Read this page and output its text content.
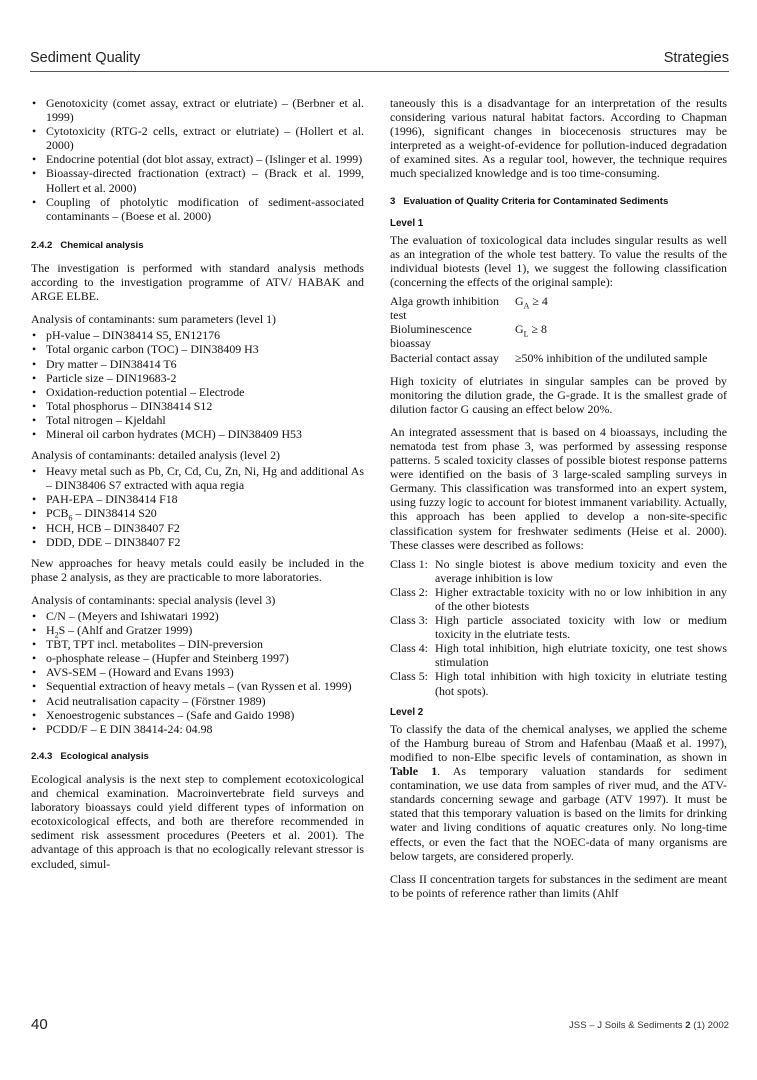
Sediment Quality	Strategies
• Genotoxicity (comet assay, extract or elutriate) – (Berbner et al. 1999)
• Cytotoxicity (RTG-2 cells, extract or elutriate) – (Hollert et al. 2000)
• Endocrine potential (dot blot assay, extract) – (Islinger et al. 1999)
• Bioassay-directed fractionation (extract) – (Brack et al. 1999, Hollert et al. 2000)
• Coupling of photolytic modification of sediment-associated contaminants – (Boese et al. 2000)
2.4.2 Chemical analysis

The investigation is performed with standard analysis methods according to the investigation programme of ATV/ HABAK and ARGE ELBE.

Analysis of contaminants: sum parameters (level 1)
• pH-value – DIN38414 S5, EN12176
• Total organic carbon (TOC) – DIN38409 H3
• Dry matter – DIN38414 T6
• Particle size – DIN19683-2
• Oxidation-reduction potential – Electrode
• Total phosphorus – DIN38414 S12
• Total nitrogen – Kjeldahl
• Mineral oil carbon hydrates (MCH) – DIN38409 H53
Analysis of contaminants: detailed analysis (level 2)
• Heavy metal such as Pb, Cr, Cd, Cu, Zn, Ni, Hg and additional As – DIN38406 S7 extracted with aqua regia
• PAH-EPA – DIN38414 F18
• $PCB_6 - DIN38414$ S20
• HCH, HCB – DIN38407 F2
• DDD, DDE – DIN38407 F2

New approaches for heavy metals could easily be included in the phase 2 analysis, as they are practicable to more laboratories.

Analysis of contaminants: special analysis (level 3)
• C/N – (Meyers and Ishiwatari 1992)
• $H_2S$ – (Ahlf and Gratzer 1999)
• TBT, TPT incl. metabolites – DIN-preversion
• o-phosphate release – (Hupfer and Steinberg 1997)
• AVS-SEM – (Howard and Evans 1993)
• Sequential extraction of heavy metals – (van Ryssen et al. 1999)
• Acid neutralisation capacity – (Förstner 1989)
• Xenoestrogenic substances – (Safe and Gaido 1998)
• PCDD/F – E DIN 38414-24: 04.98
2.4.3 Ecological analysis

Ecological analysis is the next step to complement ecotoxicological and chemical examination. Macroinvertebrate field surveys and laboratory bioassays could yield different types of information on ecotoxicological effects, and both are therefore recommended in sediment risk assessment procedures (Peeters et al. 2001). The advantage of this approach is that no ecologically relevant stressor is excluded, simul-

taneously this is a disadvantage for an interpretation of the results considering various natural habitat factors. According to Chapman (1996), significant changes in biocecenosis structures may be interpreted as a weight-of-evidence for pollution-induced degradation of examined sites. As a regular tool, however, the technique requires much specialized knowledge and is too time-consuming.

3 Evaluation of Quality Criteria for Contaminated Sediments
Level 1

The evaluation of toxicological data includes singular results as well as an integration of the whole test battery. To value the results of the individual biotests (level 1), we suggest the following classification (concerning the effects of the original sample):

Alga growth inhibition test
$G_A \ge 4$
Bioluminescence bioassay
$G_L \ge 8$
Bacterial contact assay	≥50% inhibition of the undiluted sample

High toxicity of elutriates in singular samples can be proved by monitoring the dilution grade, the G-grade. It is the smallest grade of dilution factor G causing an effect below 20%.

An integrated assessment that is based on 4 bioassays, including the nematoda test from phase 3, was performed by assessing response patterns. 5 scaled toxicity classes of possible biotest response patterns were identified on the basis of 3 large-scaled sampling surveys in Germany. This classification was transformed into an expert system, using fuzzy logic to account for biotest immanent variability. Actually, this approach has been applied to develop a non-site-specific classification system for freshwater sediments (Heise et al. 2000). These classes were described as follows:

Class 1: No single biotest is above medium toxicity and even the average inhibition is low
Class 2: Higher extractable toxicity with no or low inhibition in any of the other biotests
Class 3: High particle associated toxicity with low or medium toxicity in the elutriate tests.
Class 4: High total inhibition, high elutriate toxicity, one test shows stimulation
Class 5: High total inhibition with high toxicity in elutriate testing (hot spots).
Level 2

To classify the data of the chemical analyses, we applied the scheme of the Hamburg bureau of Strom and Hafenbau (Maaß et al. 1997), modified to non-Elbe specific levels of contamination, as shown in Table 1. As temporary valuation standards for sediment contamination, we use data from samples of river mud, and the ATV-standards concerning sewage and garbage (ATV 1997). It must be stated that this temporary valuation is based on the limits for drinking water and living conditions of aquatic creatures only. No long-time effects, or even the fact that the NOEC-data of many organisms are below targets, are considered properly.

Class II concentration targets for substances in the sediment are meant to be points of reference rather than limits (Ahlf

40	JSS – J Soils & Sediments 2 (1) 2002
